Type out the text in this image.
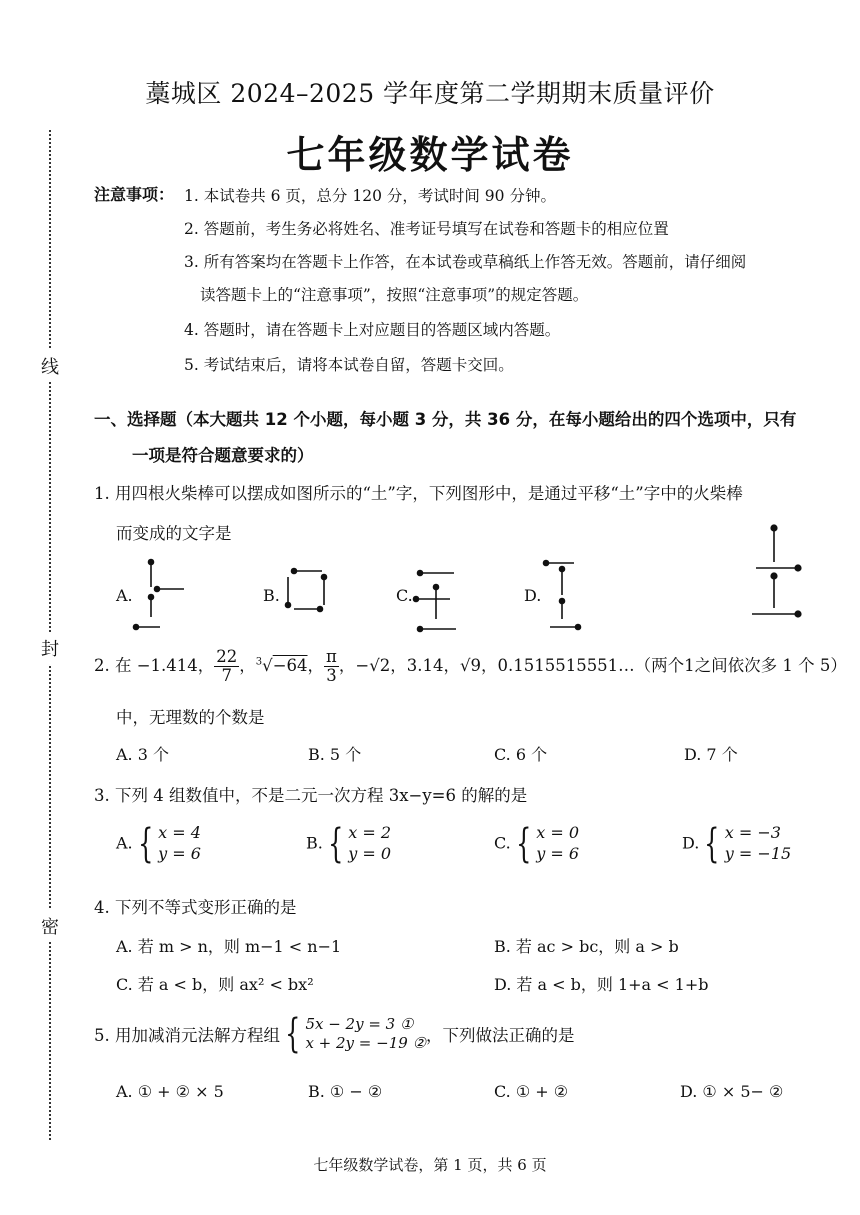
线
封
密
藁城区 2024–2025 学年度第二学期期末质量评价
七年级数学试卷
注意事项： 1. 本试卷共 6 页，总分 120 分，考试时间 90 分钟。
2. 答题前，考生务必将姓名、准考证号填写在试卷和答题卡的相应位置
3. 所有答案均在答题卡上作答，在本试卷或草稿纸上作答无效。答题前，请仔细阅
读答题卡上的“注意事项”，按照“注意事项”的规定答题。
4. 答题时，请在答题卡上对应题目的答题区域内答题。
5. 考试结束后，请将本试卷自留，答题卡交回。
一、选择题（本大题共 12 个小题，每小题 3 分，共 36 分，在每小题给出的四个选项中，只有
一项是符合题意要求的）
1. 用四根火柴棒可以摆成如图所示的“土”字，下列图形中，是通过平移“土”字中的火柴棒
而变成的文字是
A.	B.	C.	D.
2. 在 −1.414， $\frac{22}{7}$ ，$^3$√−64， $\frac{\pi}{3}$ ，−√2，3.14，√9，0.1515515551…（两个1之间依次多 1 个 5）
中，无理数的个数是
A. 3 个	B. 5 个	C. 6 个	D. 7 个
3. 下列 4 组数值中，不是二元一次方程 3x−y=6 的解的是
A. { x = 4
y = 6
B. { x = 2
y = 0
C. { x = 0
y = 6
D. { x = −3
y = −15
4. 下列不等式变形正确的是
A. 若 m > n，则 m−1 < n−1	B. 若 ac > bc，则 a > b
C. 若 a < b，则 ax² < bx²	D. 若 a < b，则 1+a < 1+b
5. 用加减消元法解方程组 { 5x − 2y = 3 ①
x + 2y = −19 ②，下列做法正确的是
A. ① + ② × 5	B. ① − ②	C. ① + ②	D. ① × 5− ②
七年级数学试卷，第 1 页，共 6 页
